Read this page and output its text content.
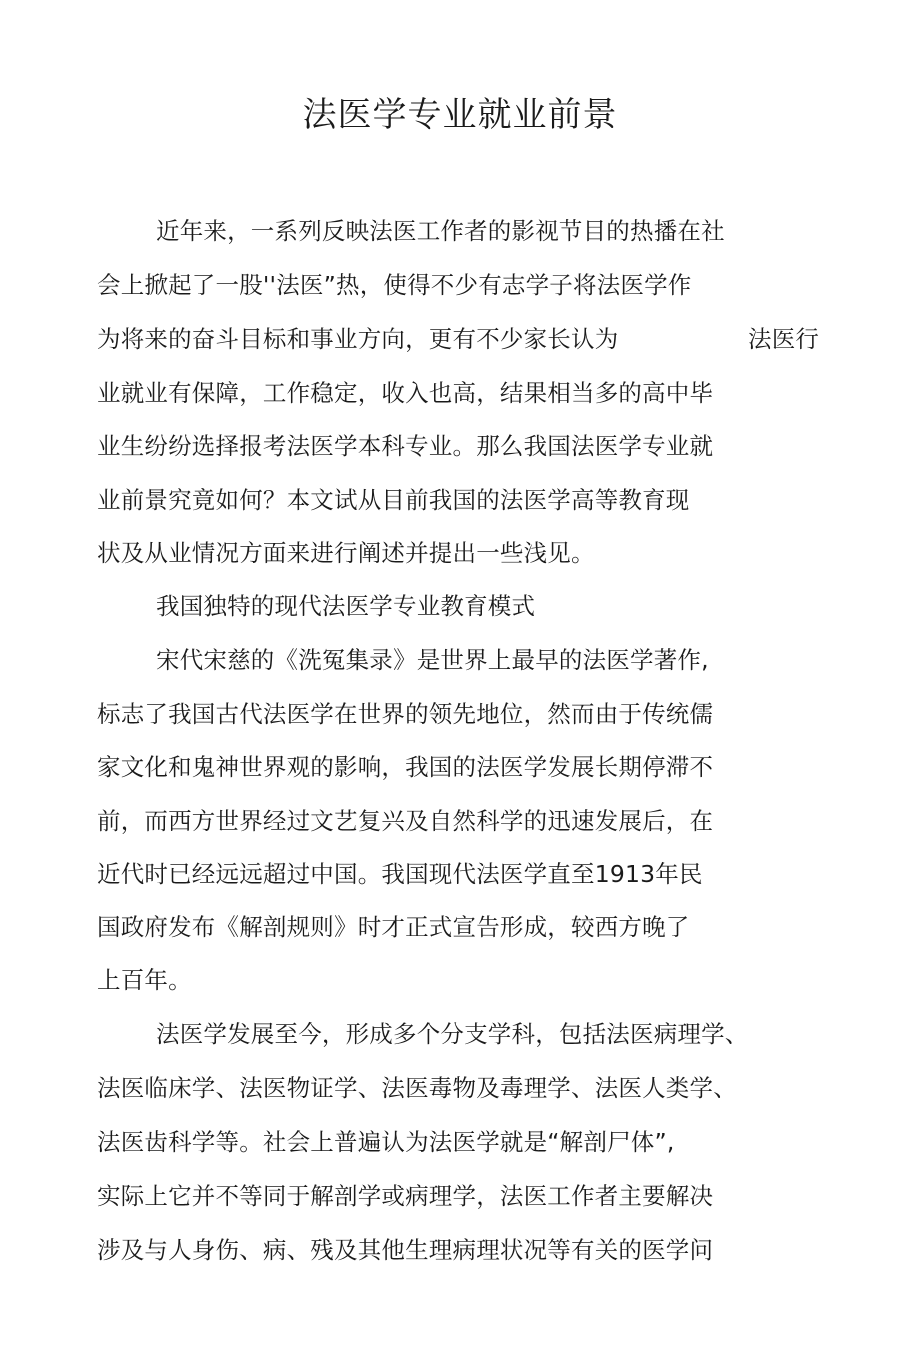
法医学专业就业前景
近年来，一系列反映法医工作者的影视节目的热播在社
会上掀起了一股''法医”热，使得不少有志学子将法医学作
为将来的奋斗目标和事业方向，更有不少家长认为	法医行
业就业有保障，工作稳定，收入也高，结果相当多的高中毕
业生纷纷选择报考法医学本科专业。那么我国法医学专业就
业前景究竟如何？本文试从目前我国的法医学高等教育现
状及从业情况方面来进行阐述并提出一些浅见。
我国独特的现代法医学专业教育模式
宋代宋慈的《洗冤集录》是世界上最早的法医学著作,
标志了我国古代法医学在世界的领先地位，然而由于传统儒
家文化和鬼神世界观的影响，我国的法医学发展长期停滞不
前，而西方世界经过文艺复兴及自然科学的迅速发展后，在
近代时已经远远超过中国。我国现代法医学直至1913年民
国政府发布《解剖规则》时才正式宣告形成，较西方晚了
上百年。
法医学发展至今，形成多个分支学科，包括法医病理学、
法医临床学、法医物证学、法医毒物及毒理学、法医人类学、
法医齿科学等。社会上普遍认为法医学就是“解剖尸体”,
实际上它并不等同于解剖学或病理学，法医工作者主要解决
涉及与人身伤、病、残及其他生理病理状况等有关的医学问
